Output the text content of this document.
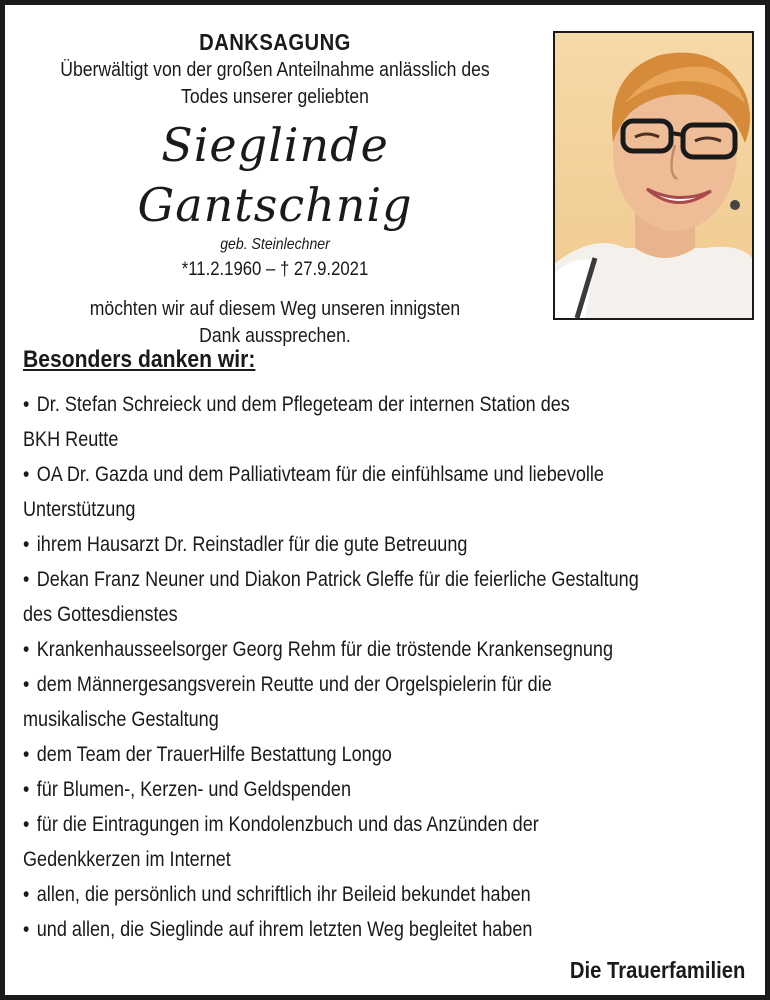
DANKSAGUNG
Überwältigt von der großen Anteilnahme anlässlich des
Todes unserer geliebten
Sieglinde Gantschnig
geb. Steinlechner
*11.2.1960 – † 27.9.2021
möchten wir auf diesem Weg unseren innigsten
Dank aussprechen.
Besonders danken wir:
• Dr. Stefan Schreieck und dem Pflegeteam der internen Station des
BKH Reutte
• OA Dr. Gazda und dem Palliativteam für die einfühlsame und liebevolle
Unterstützung
• ihrem Hausarzt Dr. Reinstadler für die gute Betreuung
• Dekan Franz Neuner und Diakon Patrick Gleffe für die feierliche Gestaltung
des Gottesdienstes
• Krankenhausseelsorger Georg Rehm für die tröstende Krankensegnung
• dem Männergesangsverein Reutte und der Orgelspielerin für die
musikalische Gestaltung
• dem Team der TrauerHilfe Bestattung Longo
• für Blumen-, Kerzen- und Geldspenden
• für die Eintragungen im Kondolenzbuch und das Anzünden der
Gedenkkerzen im Internet
• allen, die persönlich und schriftlich ihr Beileid bekundet haben
• und allen, die Sieglinde auf ihrem letzten Weg begleitet haben
Die Trauerfamilien
